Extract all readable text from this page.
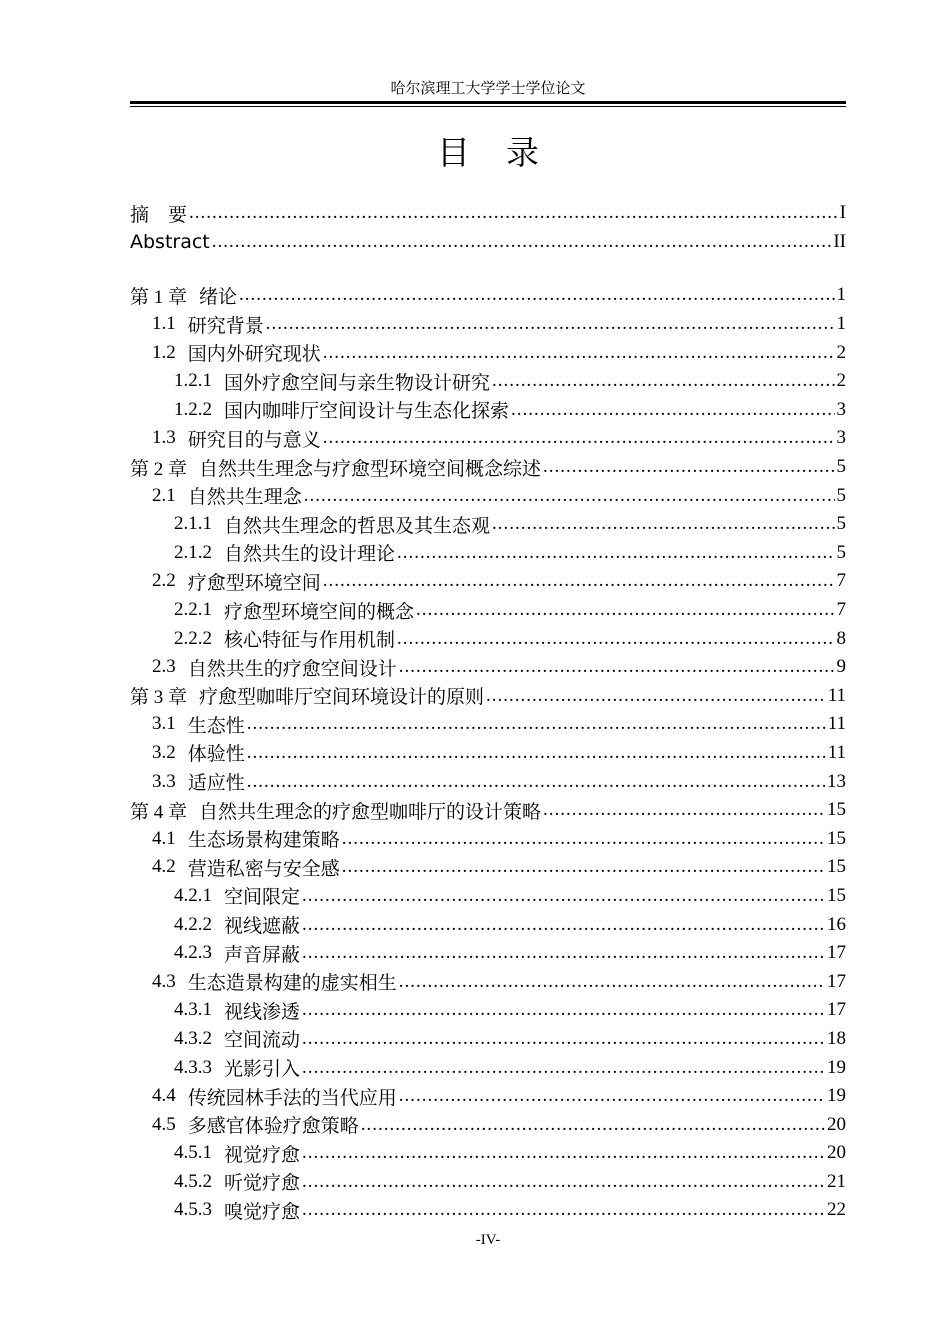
哈尔滨理工大学学士学位论文
目录
摘　要 .....	I
Abstract .....	II
第 1 章 绪论 .....	1
1.1 研究背景 .....	1
1.2 国内外研究现状 .....	2
1.2.1 国外疗愈空间与亲生物设计研究 .....	2
1.2.2 国内咖啡厅空间设计与生态化探索 .....	3
1.3 研究目的与意义 .....	3
第 2 章 自然共生理念与疗愈型环境空间概念综述 .....	5
2.1 自然共生理念 .....	5
2.1.1 自然共生理念的哲思及其生态观 .....	5
2.1.2 自然共生的设计理论 .....	5
2.2 疗愈型环境空间 .....	7
2.2.1 疗愈型环境空间的概念 .....	7
2.2.2 核心特征与作用机制 .....	8
2.3 自然共生的疗愈空间设计 .....	9
第 3 章 疗愈型咖啡厅空间环境设计的原则 .....	11
3.1 生态性 .....	11
3.2 体验性 .....	11
3.3 适应性 .....	13
第 4 章 自然共生理念的疗愈型咖啡厅的设计策略 .....	15
4.1 生态场景构建策略 .....	15
4.2 营造私密与安全感 .....	15
4.2.1 空间限定 .....	15
4.2.2 视线遮蔽 .....	16
4.2.3 声音屏蔽 .....	17
4.3 生态造景构建的虚实相生 .....	17
4.3.1 视线渗透 .....	17
4.3.2 空间流动 .....	18
4.3.3 光影引入 .....	19
4.4 传统园林手法的当代应用 .....	19
4.5 多感官体验疗愈策略 .....	20
4.5.1 视觉疗愈 .....	20
4.5.2 听觉疗愈 .....	21
4.5.3 嗅觉疗愈 .....	22
-IV-
